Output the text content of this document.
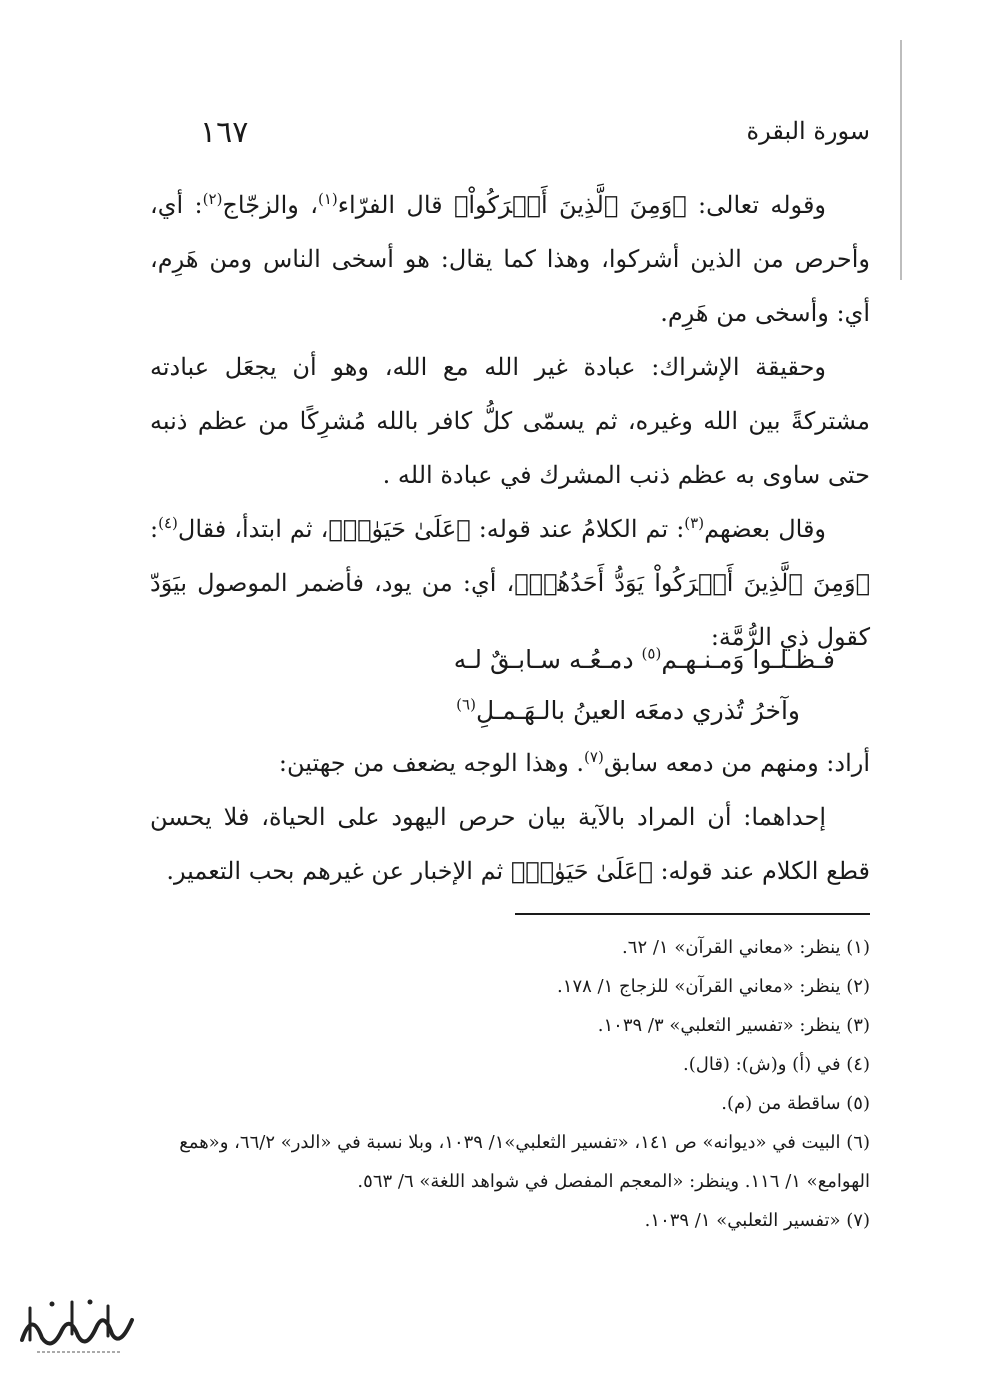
١٦٧	سورة البقرة

وقوله تعالى: ﴿وَمِنَ ٱلَّذِينَ أَشۡرَكُواْ﴾ قال الفرّاء$^{(١)}$، والزجّاج$^{(٢)}$: أي، وأحرص من الذين أشركوا، وهذا كما يقال: هو أسخى الناس ومن هَرِم، أي: وأسخى من هَرِم.

وحقيقة الإشراك: عبادة غير الله مع الله، وهو أن يجعَل عبادته مشتركةً بين الله وغيره، ثم يسمّى كلُّ كافر بالله مُشرِكًا من عظم ذنبه حتى ساوى به عظم ذنب المشرك في عبادة الله .

وقال بعضهم$^{(٣)}$: تم الكلامُ عند قوله: ﴿عَلَىٰ حَيَوٰةٖ﴾، ثم ابتدأ، فقال$^{(٤)}$: ﴿وَمِنَ ٱلَّذِينَ أَشۡرَكُواْ يَوَدُّ أَحَدُهُمۡ﴾، أي: من يود، فأضمر الموصول بيَوَدّ كقول ذي الرُّمَّة:

فـظـلـوا وَمـنـهـم$^{(٥)}$ دمـعُـه سـابـقٌ لـه
وآخرُ تُذري دمعَه العينُ بالـهَـمـلِ$^{(٦)}$

أراد: ومنهم من دمعه سابق$^{(٧)}$. وهذا الوجه يضعف من جهتين:

إحداهما: أن المراد بالآية بيان حرص اليهود على الحياة، فلا يحسن قطع الكلام عند قوله: ﴿عَلَىٰ حَيَوٰةٖ﴾ ثم الإخبار عن غيرهم بحب التعمير.

(١) ينظر: «معاني القرآن» ١/ ٦٢.

(٢) ينظر: «معاني القرآن» للزجاج ١/ ١٧٨.

(٣) ينظر: «تفسير الثعلبي» ٣/ ١٠٣٩.

(٤) في (أ) و(ش): (قال).

(٥) ساقطة من (م).

(٦) البيت في «ديوانه» ص ١٤١، «تفسير الثعلبي»١/ ١٠٣٩، وبلا نسبة في «الدر» ٦٦/٢، و«همع الهوامع» ١/ ١١٦. وينظر: «المعجم المفصل في شواهد اللغة» ٦/ ٥٦٣.

(٧) «تفسير الثعلبي» ١/ ١٠٣٩.
